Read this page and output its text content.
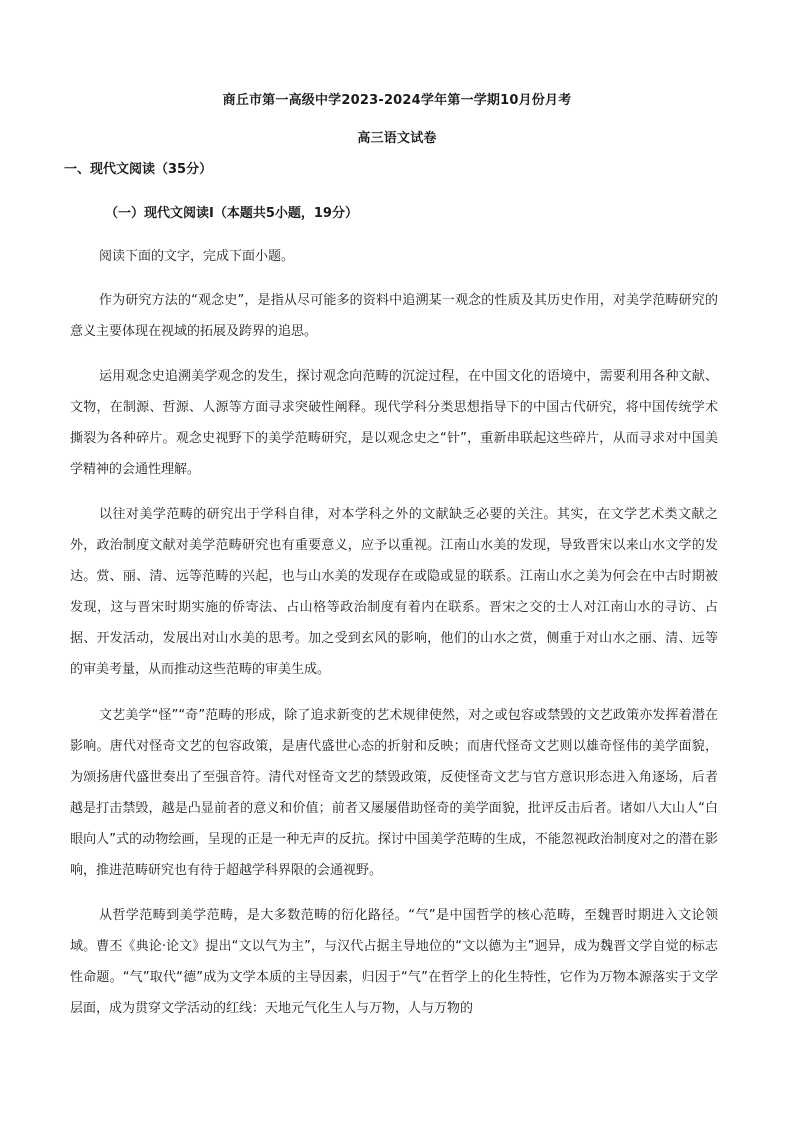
商丘市第一高级中学2023-2024学年第一学期10月份月考
高三语文试卷
一、现代文阅读（35分）
（一）现代文阅读Ⅰ（本题共5小题，19分）
阅读下面的文字，完成下面小题。

作为研究方法的“观念史”，是指从尽可能多的资料中追溯某一观念的性质及其历史作用，对美学范畴研究的意义主要体现在视域的拓展及跨界的追思。

运用观念史追溯美学观念的发生，探讨观念向范畴的沉淀过程，在中国文化的语境中，需要利用各种文献、文物，在制源、哲源、人源等方面寻求突破性阐释。现代学科分类思想指导下的中国古代研究，将中国传统学术撕裂为各种碎片。观念史视野下的美学范畴研究，是以观念史之“针”，重新串联起这些碎片，从而寻求对中国美学精神的会通性理解。

以往对美学范畴的研究出于学科自律，对本学科之外的文献缺乏必要的关注。其实，在文学艺术类文献之外，政治制度文献对美学范畴研究也有重要意义，应予以重视。江南山水美的发现，导致晋宋以来山水文学的发达。赏、丽、清、远等范畴的兴起，也与山水美的发现存在或隐或显的联系。江南山水之美为何会在中古时期被发现，这与晋宋时期实施的侨寄法、占山格等政治制度有着内在联系。晋宋之交的士人对江南山水的寻访、占据、开发活动，发展出对山水美的思考。加之受到玄风的影响，他们的山水之赏，侧重于对山水之丽、清、远等的审美考量，从而推动这些范畴的审美生成。

文艺美学“怪”“奇”范畴的形成，除了追求新变的艺术规律使然，对之或包容或禁毁的文艺政策亦发挥着潜在影响。唐代对怪奇文艺的包容政策，是唐代盛世心态的折射和反映；而唐代怪奇文艺则以雄奇怪伟的美学面貌，为颂扬唐代盛世奏出了至强音符。清代对怪奇文艺的禁毁政策，反使怪奇文艺与官方意识形态进入角逐场，后者越是打击禁毁，越是凸显前者的意义和价值；前者又屡屡借助怪奇的美学面貌，批评反击后者。诸如八大山人“白眼向人”式的动物绘画，呈现的正是一种无声的反抗。探讨中国美学范畴的生成，不能忽视政治制度对之的潜在影响，推进范畴研究也有待于超越学科界限的会通视野。

从哲学范畴到美学范畴，是大多数范畴的衍化路径。“气”是中国哲学的核心范畴，至魏晋时期进入文论领域。曹丕《典论·论文》提出“文以气为主”，与汉代占据主导地位的“文以德为主”迥异，成为魏晋文学自觉的标志性命题。“气”取代“德”成为文学本质的主导因素，归因于“气”在哲学上的化生特性，它作为万物本源落实于文学层面，成为贯穿文学活动的红线：天地元气化生人与万物，人与万物的
